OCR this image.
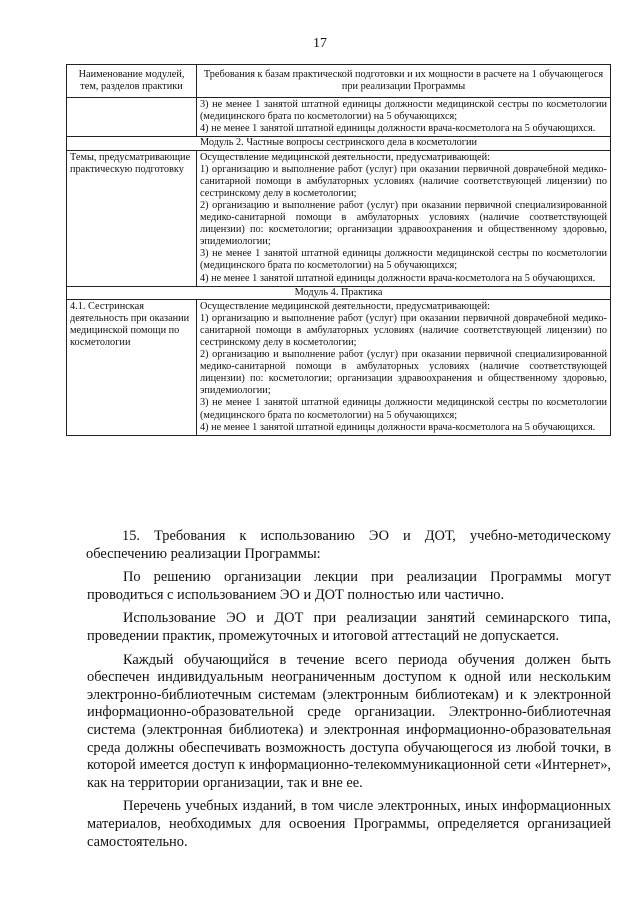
17
Наименование модулей, тем, разделов практики	Требования к базам практической подготовки и их мощности в расчете на 1 обучающегося при реализации Программы

	3) не менее 1 занятой штатной единицы должности медицинской сестры по косметологии (медицинского брата по косметологии) на 5 обучающихся;
4) не менее 1 занятой штатной единицы должности врача-косметолога на 5 обучающихся.

Модуль 2. Частные вопросы сестринского дела в косметологии	

Темы, предусматривающие практическую подготовку	Осуществление медицинской деятельности, предусматривающей:
1) организацию и выполнение работ (услуг) при оказании первичной доврачебной медико-санитарной помощи в амбулаторных условиях (наличие соответствующей лицензии) по сестринскому делу в косметологии;
2) организацию и выполнение работ (услуг) при оказании первичной специализированной медико-санитарной помощи в амбулаторных условиях (наличие соответствующей лицензии) по: косметологии; организации здравоохранения и общественному здоровью, эпидемиологии;
3) не менее 1 занятой штатной единицы должности медицинской сестры по косметологии (медицинского брата по косметологии) на 5 обучающихся;
4) не менее 1 занятой штатной единицы должности врача-косметолога на 5 обучающихся.

Модуль 4. Практика	

4.1. Сестринская деятельность при оказании медицинской помощи по косметологии	Осуществление медицинской деятельности, предусматривающей:
1) организацию и выполнение работ (услуг) при оказании первичной доврачебной медико-санитарной помощи в амбулаторных условиях (наличие соответствующей лицензии) по сестринскому делу в косметологии;
2) организацию и выполнение работ (услуг) при оказании первичной специализированной медико-санитарной помощи в амбулаторных условиях (наличие соответствующей лицензии) по: косметологии; организации здравоохранения и общественному здоровью, эпидемиологии;
3) не менее 1 занятой штатной единицы должности медицинской сестры по косметологии (медицинского брата по косметологии) на 5 обучающихся;
4) не менее 1 занятой штатной единицы должности врача-косметолога на 5 обучающихся.

15. Требования к использованию ЭО и ДОТ, учебно-методическому обеспечению реализации Программы:

По решению организации лекции при реализации Программы могут проводиться с использованием ЭО и ДОТ полностью или частично.

Использование ЭО и ДОТ при реализации занятий семинарского типа, проведении практик, промежуточных и итоговой аттестаций не допускается.

Каждый обучающийся в течение всего периода обучения должен быть обеспечен индивидуальным неограниченным доступом к одной или нескольким электронно-библиотечным системам (электронным библиотекам) и к электронной информационно-образовательной среде организации. Электронно-библиотечная система (электронная библиотека) и электронная информационно-образовательная среда должны обеспечивать возможность доступа обучающегося из любой точки, в которой имеется доступ к информационно-телекоммуникационной сети «Интернет», как на территории организации, так и вне ее.

Перечень учебных изданий, в том числе электронных, иных информационных материалов, необходимых для освоения Программы, определяется организацией самостоятельно.
